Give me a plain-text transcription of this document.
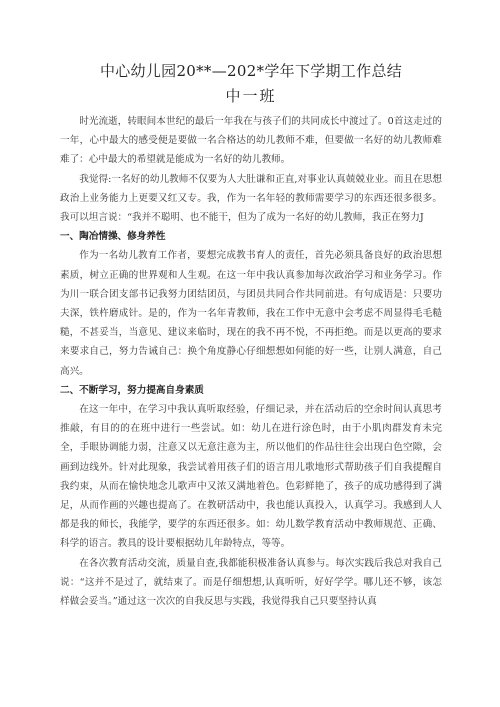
中心幼儿园20**—202*学年下学期工作总结
中一班

时光流逝，转眼间本世纪的最后一年我在与孩子们的共同成长中渡过了。0首这走过的一年，心中最大的感受便是要做一名合格达的幼儿教师不难，但要做一名好的幼儿教师难难了：心中最大的希望就是能成为一名好的幼儿教师。

我觉得:一名好的幼儿教师不仅要为人大肚谦和正直,对事业认真兢兢业业。而且在思想政治上业务能力上更要又红又专。我，作为一名年轻的教师需要学习的东西还很多很多。我可以坦言说：“我并不聪明、也不能干，但为了成为一名好的幼儿教师，我正在努力J

一、陶冶情操、修身养性

作为一名幼儿教育工作者，要想完成教书育人的责任，首先必须具备良好的政治思想素质，树立正确的世界观和人生观。在这一年中我认真参加每次政治学习和业务学习。作为川一联合团支部书记我努力团结团员，与团员共同合作共同前进。有句成语是：只要功夫深，铁杵磨成针。是的，作为一名年青教师，我在工作中无意中会考虑不周显得毛毛糙糙，不甚妥当，当意见、建议来临时，现在的我不再不悦，不再拒绝。而是以更高的要求来要求自己，努力告诫自己：换个角度静心仔细想想如何能的好一些，让别人满意，自己高兴。

二、不断学习，努力提高自身素质

在这一年中，在学习中我认真听取经验，仔细记录，并在活动后的空余时间认真思考推敲，有目的的在班中进行一些尝试。如：幼儿在进行涂色时，由于小肌肉群发育未完全，手眼协调能力弱，注意又以无意注意为主，所以他们的作品往往会出现白色空隙，会画到边线外。针对此现象，我尝试着用孩子们的语言用儿歌地形式帮助孩子们自我提醒自我约束，从而在愉快地念儿歌声中又浓又满地着色。色彩鲜艳了，孩子的成功感得到了满足，从而作画的兴趣也提高了。在教研活动中，我也能认真投入，认真学习。我感到人人都是我的师长，我能学，要学的东西还很多。如：幼儿数学教育活动中教师规范、正确、科学的语言。教具的设计要根据幼儿年龄特点，等等。

在各次教育活动交流，质量自查,我都能积极准备认真参与。每次实践后我总对我自己说：“这并不是过了，就结束了。而是仔细想想,认真听听，好好学学。哪儿还不够，该怎样做会妥当。”通过这一次次的自我反思与实践，我觉得我自己只要坚持认真
